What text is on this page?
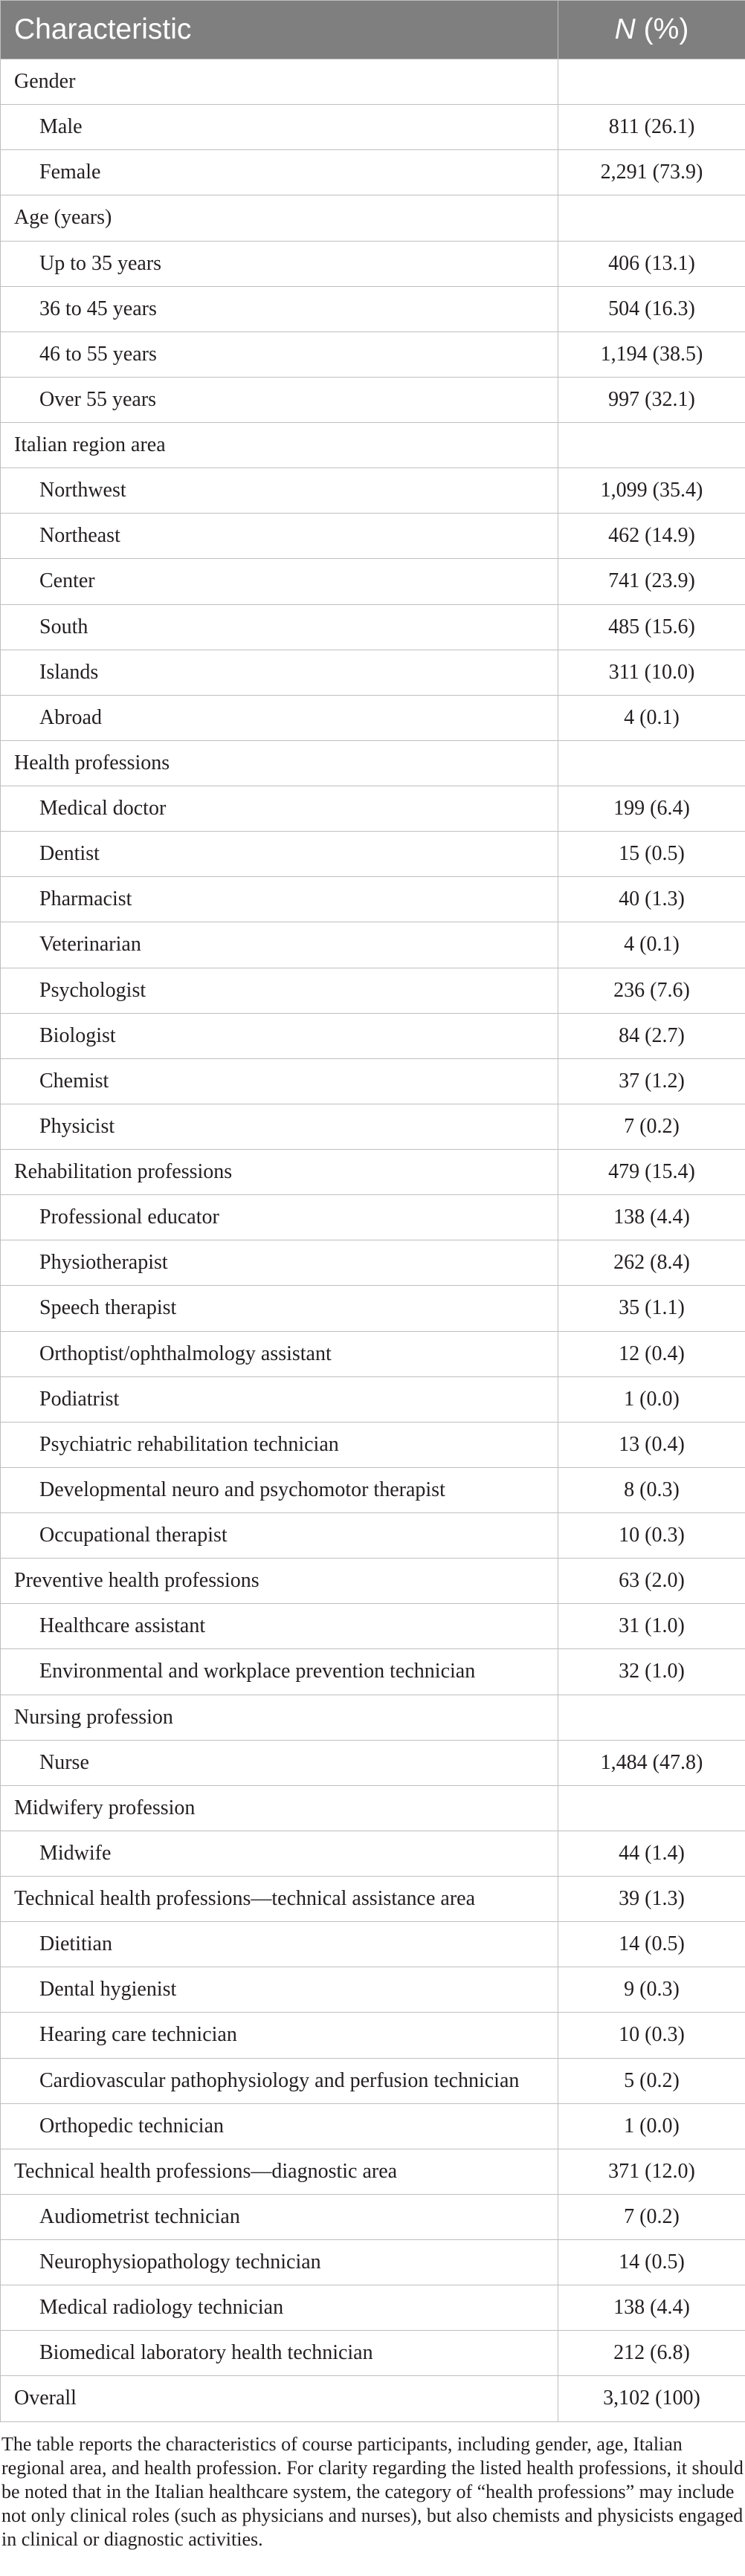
Characteristic	N (%)
Gender	
Male	811 (26.1)
Female	2,291 (73.9)
Age (years)	
Up to 35 years	406 (13.1)
36 to 45 years	504 (16.3)
46 to 55 years	1,194 (38.5)
Over 55 years	997 (32.1)
Italian region area	
Northwest	1,099 (35.4)
Northeast	462 (14.9)
Center	741 (23.9)
South	485 (15.6)
Islands	311 (10.0)
Abroad	4 (0.1)
Health professions	
Medical doctor	199 (6.4)
Dentist	15 (0.5)
Pharmacist	40 (1.3)
Veterinarian	4 (0.1)
Psychologist	236 (7.6)
Biologist	84 (2.7)
Chemist	37 (1.2)
Physicist	7 (0.2)
Rehabilitation professions	479 (15.4)
Professional educator	138 (4.4)
Physiotherapist	262 (8.4)
Speech therapist	35 (1.1)
Orthoptist/ophthalmology assistant	12 (0.4)
Podiatrist	1 (0.0)
Psychiatric rehabilitation technician	13 (0.4)
Developmental neuro and psychomotor therapist	8 (0.3)
Occupational therapist	10 (0.3)
Preventive health professions	63 (2.0)
Healthcare assistant	31 (1.0)
Environmental and workplace prevention technician	32 (1.0)
Nursing profession	
Nurse	1,484 (47.8)
Midwifery profession	
Midwife	44 (1.4)
Technical health professions—technical assistance area	39 (1.3)
Dietitian	14 (0.5)
Dental hygienist	9 (0.3)
Hearing care technician	10 (0.3)
Cardiovascular pathophysiology and perfusion technician	5 (0.2)
Orthopedic technician	1 (0.0)
Technical health professions—diagnostic area	371 (12.0)
Audiometrist technician	7 (0.2)
Neurophysiopathology technician	14 (0.5)
Medical radiology technician	138 (4.4)
Biomedical laboratory health technician	212 (6.8)
Overall	3,102 (100)

The table reports the characteristics of course participants, including gender, age, Italian regional area, and health profession. For clarity regarding the listed health professions, it should be noted that in the Italian healthcare system, the category of “health professions” may include not only clinical roles (such as physicians and nurses), but also chemists and physicists engaged in clinical or diagnostic activities.
